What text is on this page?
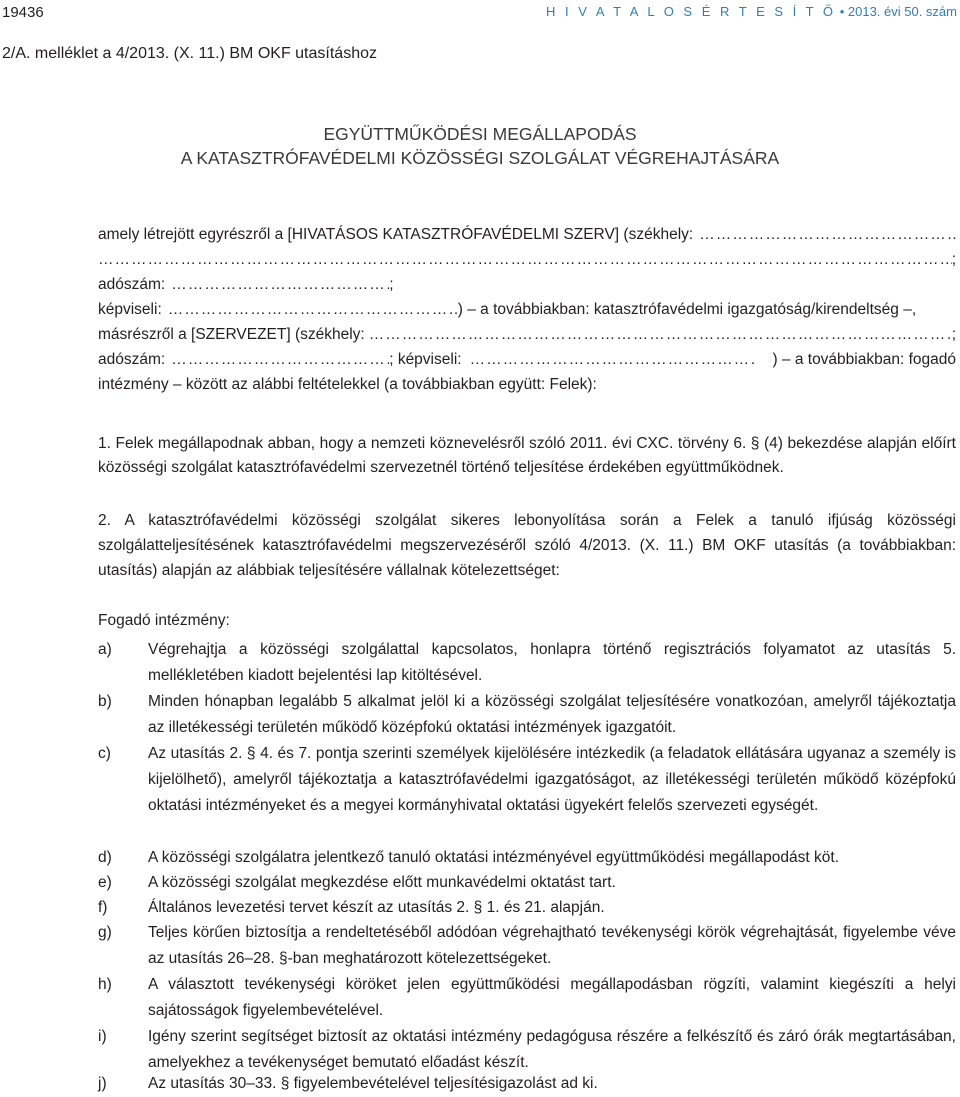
19436	H I V A T A L O S É R T E S Í T Ő • 2013. évi 50. szám
2/A. melléklet a 4/2013. (X. 11.) BM OKF utasításhoz
EGYÜTTMŰKÖDÉSI MEGÁLLAPODÁS
A KATASZTRÓFAVÉDELMI KÖZÖSSÉGI SZOLGÁLAT VÉGREHAJTÁSÁRA
amely létrejött egyrészről a [HIVATÁSOS KATASZTRÓFAVÉDELMI SZERV] (székhely:
……………………………………………………………………………………………………………………………………………………………………………………………………
……………………………………………………………………………………………………………………………………………………………………………………………………
;
adószám: ……………………………………………………………………………………………………	;
képviseli: ……………………………………………………………………………………………………	) – a továbbiakban: katasztrófavédelmi igazgatóság/kirendeltség –,
másrészről a [SZERVEZET] (székhely: ……………………………………………………………………………………………………………………………………………………………………………………………………	;
adószám: ……………………………………………………………………………………………………	; képviseli: ……………………………………………………………………………………………………	) – a továbbiakban: fogadó
intézmény – között az alábbi feltételekkel (a továbbiakban együtt: Felek):
1. Felek megállapodnak abban, hogy a nemzeti köznevelésről szóló 2011. évi CXC. törvény 6. § (4) bekezdése alapján előírt közösségi szolgálat katasztrófavédelmi szervezetnél történő teljesítése érdekében együttműködnek.
2. A katasztrófavédelmi közösségi szolgálat sikeres lebonyolítása során a Felek a tanuló ifjúság közösségi szolgálatteljesítésének katasztrófavédelmi megszervezéséről szóló 4/2013. (X. 11.) BM OKF utasítás (a továbbiakban: utasítás) alapján az alábbiak teljesítésére vállalnak kötelezettséget:
Fogadó intézmény:
a)	Végrehajtja a közösségi szolgálattal kapcsolatos, honlapra történő regisztrációs folyamatot az utasítás 5. mellékletében kiadott bejelentési lap kitöltésével.
b)	Minden hónapban legalább 5 alkalmat jelöl ki a közösségi szolgálat teljesítésére vonatkozóan, amelyről tájékoztatja az illetékességi területén működő középfokú oktatási intézmények igazgatóit.
c)	Az utasítás 2. § 4. és 7. pontja szerinti személyek kijelölésére intézkedik (a feladatok ellátására ugyanaz a személy is kijelölhető), amelyről tájékoztatja a katasztrófavédelmi igazgatóságot, az illetékességi területén működő középfokú oktatási intézményeket és a megyei kormányhivatal oktatási ügyekért felelős szervezeti egységét.
d)	A közösségi szolgálatra jelentkező tanuló oktatási intézményével együttműködési megállapodást köt.
e)	A közösségi szolgálat megkezdése előtt munkavédelmi oktatást tart.
f)	Általános levezetési tervet készít az utasítás 2. § 1. és 21. alapján.
g)	Teljes körűen biztosítja a rendeltetéséből adódóan végrehajtható tevékenységi körök végrehajtását, figyelembe véve az utasítás 26–28. §-ban meghatározott kötelezettségeket.
h)	A választott tevékenységi köröket jelen együttműködési megállapodásban rögzíti, valamint kiegészíti a helyi sajátosságok figyelembevételével.
i)	Igény szerint segítséget biztosít az oktatási intézmény pedagógusa részére a felkészítő és záró órák megtartásában, amelyekhez a tevékenységet bemutató előadást készít.
j)	Az utasítás 30–33. § figyelembevételével teljesítésigazolást ad ki.
